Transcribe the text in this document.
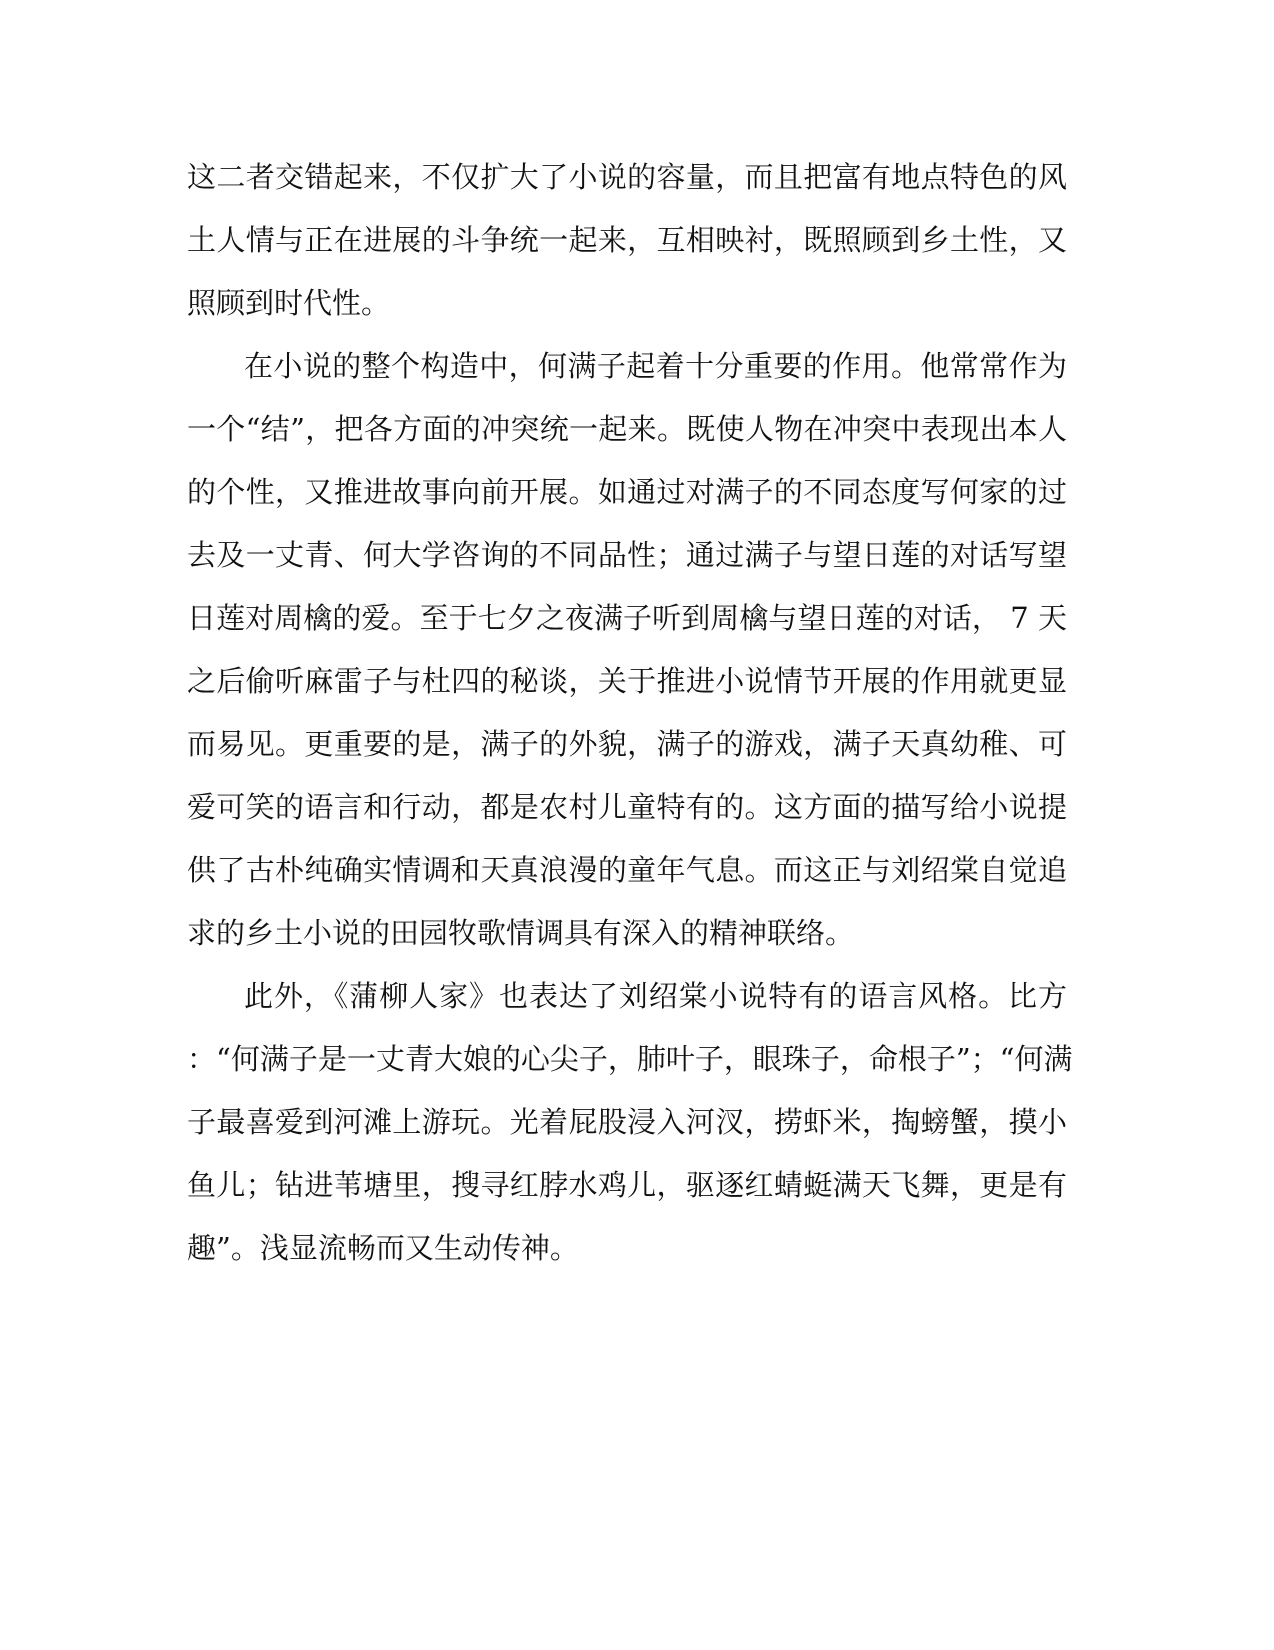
这二者交错起来，不仅扩大了小说的容量，而且把富有地点特色的风
土人情与正在进展的斗争统一起来，互相映衬，既照顾到乡土性，又
照顾到时代性。
在小说的整个构造中，何满子起着十分重要的作用。他常常作为
一个“结”，把各方面的冲突统一起来。既使人物在冲突中表现出本人
的个性，又推进故事向前开展。如通过对满子的不同态度写何家的过
去及一丈青、何大学咨询的不同品性；通过满子与望日莲的对话写望
日莲对周檎的爱。至于七夕之夜满子听到周檎与望日莲的对话， 7 天
之后偷听麻雷子与杜四的秘谈，关于推进小说情节开展的作用就更显
而易见。更重要的是，满子的外貌，满子的游戏，满子天真幼稚、可
爱可笑的语言和行动，都是农村儿童特有的。这方面的描写给小说提
供了古朴纯确实情调和天真浪漫的童年气息。而这正与刘绍棠自觉追
求的乡土小说的田园牧歌情调具有深入的精神联络。
此外，《蒲柳人家》也表达了刘绍棠小说特有的语言风格。比方
：“何满子是一丈青大娘的心尖子，肺叶子，眼珠子，命根子”；“何满
子最喜爱到河滩上游玩。光着屁股浸入河汊，捞虾米，掏螃蟹，摸小
鱼儿；钻进苇塘里，搜寻红脖水鸡儿，驱逐红蜻蜓满天飞舞，更是有
趣”。浅显流畅而又生动传神。
